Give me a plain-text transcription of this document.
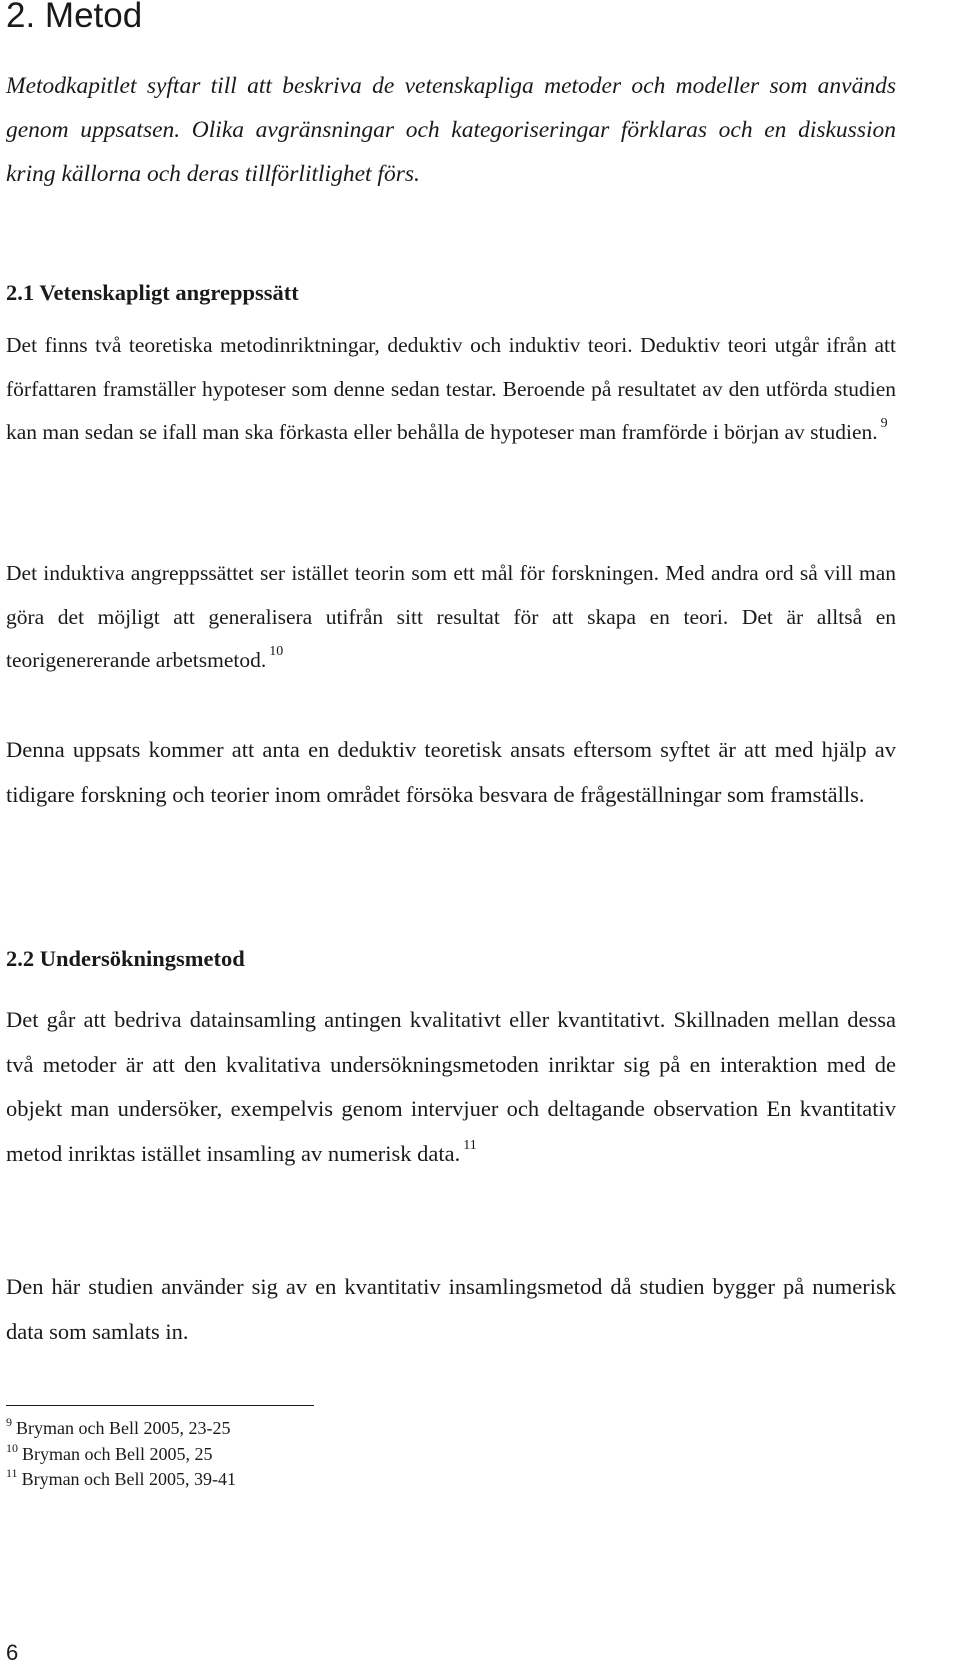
2. Metod

Metodkapitlet syftar till att beskriva de vetenskapliga metoder och modeller som används genom uppsatsen. Olika avgränsningar och kategoriseringar förklaras och en diskussion kring källorna och deras tillförlitlighet förs.

2.1 Vetenskapligt angreppssätt

Det finns två teoretiska metodinriktningar, deduktiv och induktiv teori. Deduktiv teori utgår ifrån att författaren framställer hypoteser som denne sedan testar. Beroende på resultatet av den utförda studien kan man sedan se ifall man ska förkasta eller behålla de hypoteser man framförde i början av studien. $^9$

Det induktiva angreppssättet ser istället teorin som ett mål för forskningen. Med andra ord så vill man göra det möjligt att generalisera utifrån sitt resultat för att skapa en teori. Det är alltså en teorigenererande arbetsmetod. $^{10}$

Denna uppsats kommer att anta en deduktiv teoretisk ansats eftersom syftet är att med hjälp av tidigare forskning och teorier inom området försöka besvara de frågeställningar som framställs.

2.2 Undersökningsmetod

Det går att bedriva datainsamling antingen kvalitativt eller kvantitativt. Skillnaden mellan dessa två metoder är att den kvalitativa undersökningsmetoden inriktar sig på en interaktion med de objekt man undersöker, exempelvis genom intervjuer och deltagande observation En kvantitativ metod inriktas istället insamling av numerisk data. $^{11}$

Den här studien använder sig av en kvantitativ insamlingsmetod då studien bygger på numerisk data som samlats in.

$^9$ Bryman och Bell 2005, 23-25
$^{10}$ Bryman och Bell 2005, 25
$^{11}$ Bryman och Bell 2005, 39-41
6
